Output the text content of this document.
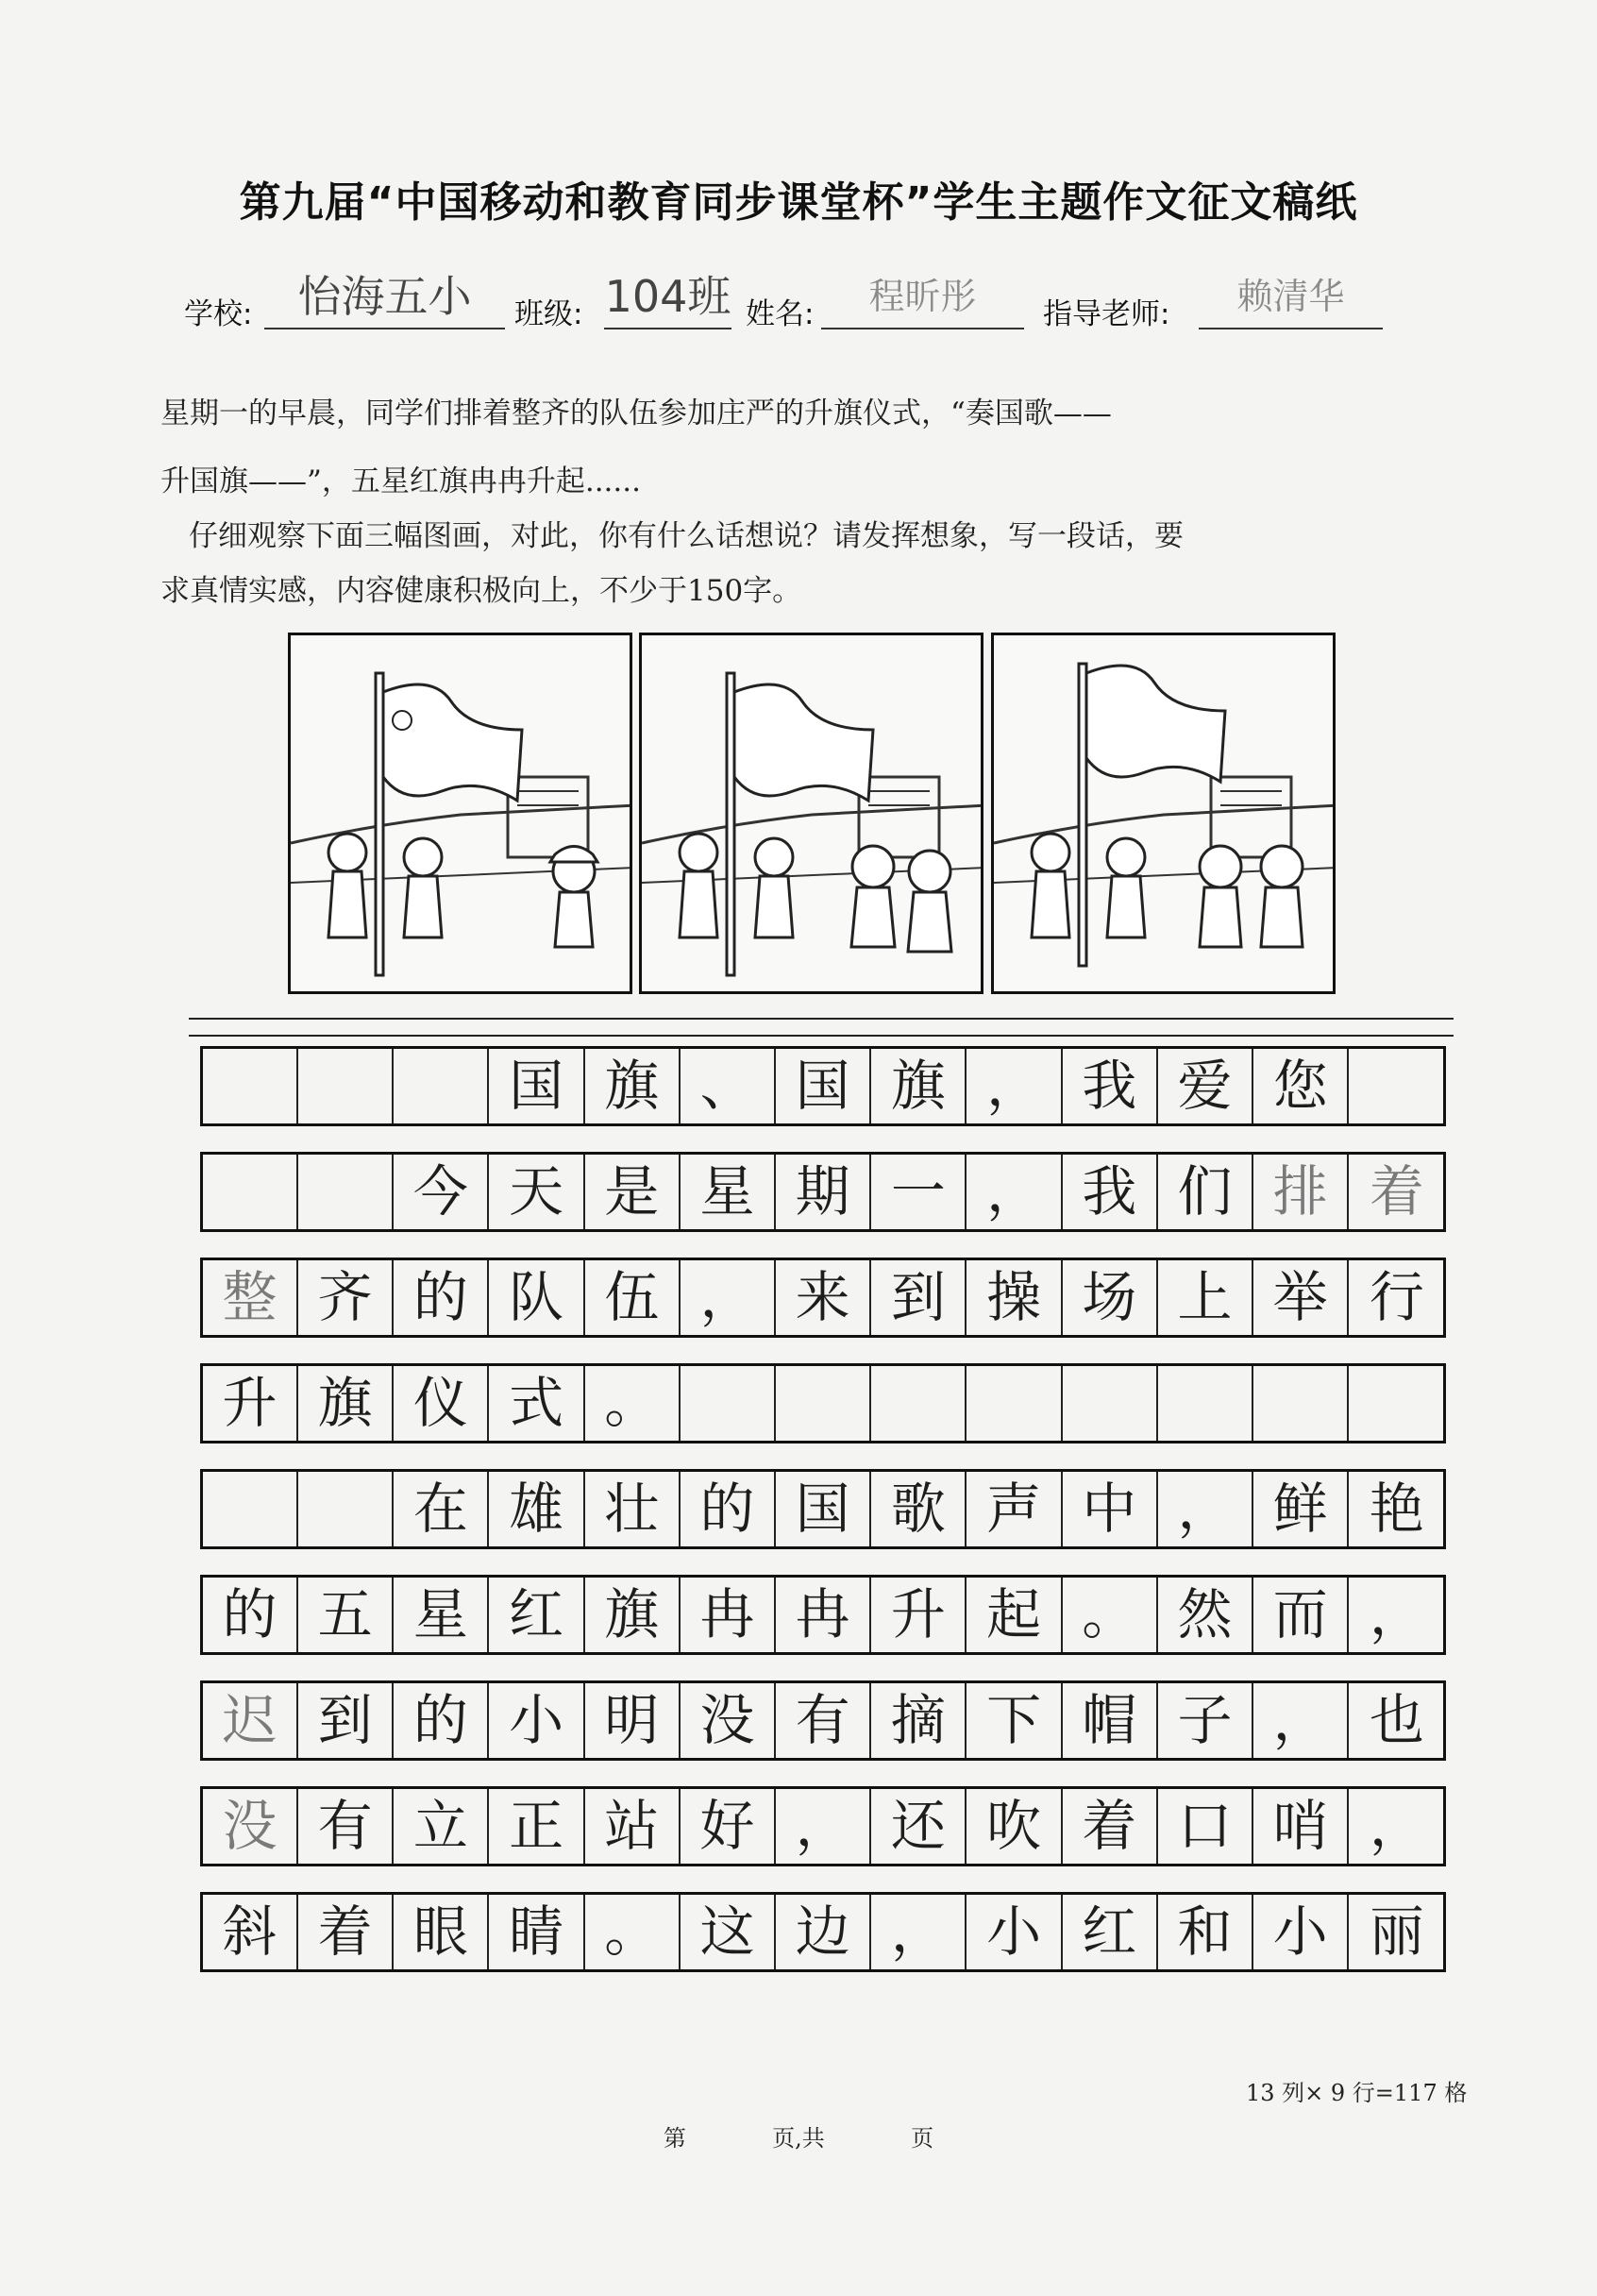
第九届“中国移动和教育同步课堂杯”学生主题作文征文稿纸
学校:	怡海五小	班级: 104班 姓名:	程昕彤	指导老师:	赖清华
星期一的早晨，同学们排着整齐的队伍参加庄严的升旗仪式，“奏国歌——
升国旗——”，五星红旗冉冉升起......
仔细观察下面三幅图画，对此，你有什么话想说？请发挥想象，写一段话，要
求真情实感，内容健康积极向上，不少于150字。
国 旗 、 国 旗 ， 我 爱 您
今 天 是 星 期 一 ， 我 们 排 着
整 齐 的 队 伍 ， 来 到 操 场 上 举 行
升 旗 仪 式 。
在 雄 壮 的 国 歌 声 中 ， 鲜 艳
的 五 星 红 旗 冉 冉 升 起 。 然 而 ，
迟 到 的 小 明 没 有 摘 下 帽 子 ， 也
没 有 立 正 站 好 ， 还 吹 着 口 哨 ，
斜 着 眼 睛 。 这 边 ， 小 红 和 小 丽
13 列× 9 行=117 格
第	页,共	页
